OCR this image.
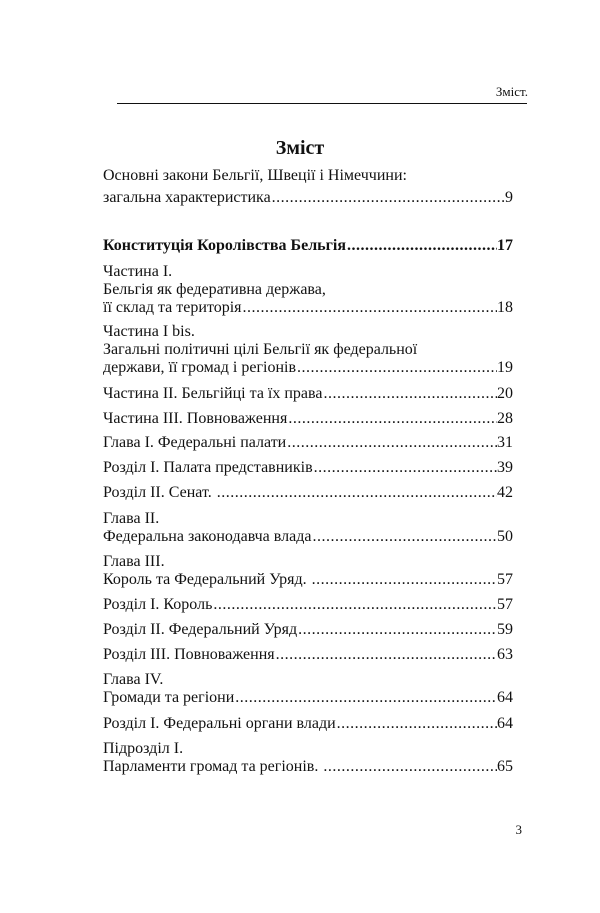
Зміст.
Зміст
Основні закони Бельгії, Швеції і Німеччини:
загальна характеристика .....	9
Конституція Королівства Бельгія .....	17
Частина I.
Бельгія як федеративна держава,
її склад та територія .....	18
Частина I bis.
Загальні політичні цілі Бельгії як федеральної
держави, її громад і регіонів .....	19
Частина II. Бельгійці та їх права .....	20
Частина III. Повноваження .....	28
Глава I. Федеральні палати .....	31
Розділ I. Палата представників .....	39
Розділ II. Сенат. .....	42
Глава II.
Федеральна законодавча влада .....	50
Глава III.
Король та Федеральний Уряд. .....	57
Розділ I. Король .....	57
Розділ II. Федеральний Уряд .....	59
Розділ III. Повноваження .....	63
Глава IV.
Громади та регіони .....	64
Розділ I. Федеральні органи влади .....	64
Підрозділ I.
Парламенти громад та регіонів. .....	65
3
